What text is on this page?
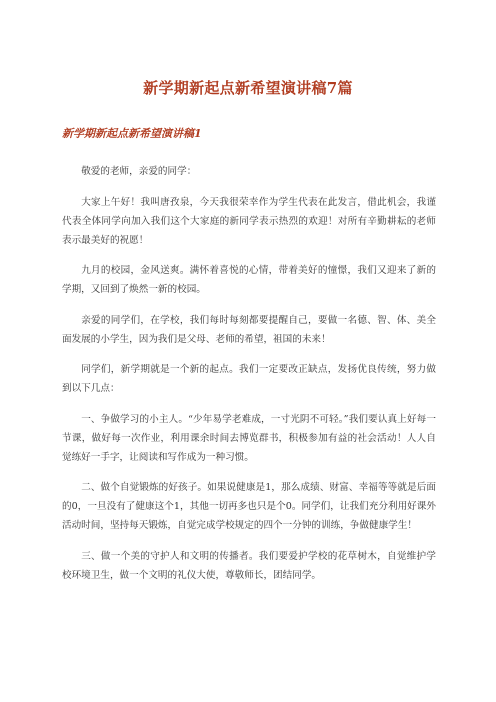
新学期新起点新希望演讲稿7篇
新学期新起点新希望演讲稿1

敬爱的老师，亲爱的同学：

大家上午好！我叫唐孜泉，今天我很荣幸作为学生代表在此发言，借此机会，我谨代表全体同学向加入我们这个大家庭的新同学表示热烈的欢迎！对所有辛勤耕耘的老师表示最美好的祝愿！

九月的校园，金风送爽。满怀着喜悦的心情，带着美好的憧憬，我们又迎来了新的学期，又回到了焕然一新的校园。

亲爱的同学们，在学校，我们每时每刻都要提醒自己，要做一名德、智、体、美全面发展的小学生，因为我们是父母、老师的希望，祖国的未来！

同学们，新学期就是一个新的起点。我们一定要改正缺点，发扬优良传统，努力做到以下几点：

一、争做学习的小主人。“少年易学老难成，一寸光阴不可轻。”我们要认真上好每一节课，做好每一次作业，利用课余时间去博览群书，积极参加有益的社会活动！人人自觉练好一手字，让阅读和写作成为一种习惯。

二、做个自觉锻炼的好孩子。如果说健康是1，那么成绩、财富、幸福等等就是后面的0，一旦没有了健康这个1，其他一切再多也只是个0。同学们，让我们充分利用好课外活动时间，坚持每天锻炼，自觉完成学校规定的四个一分钟的训练，争做健康学生！

三、做一个美的守护人和文明的传播者。我们要爱护学校的花草树木，自觉维护学校环境卫生，做一个文明的礼仪大使，尊敬师长，团结同学。
